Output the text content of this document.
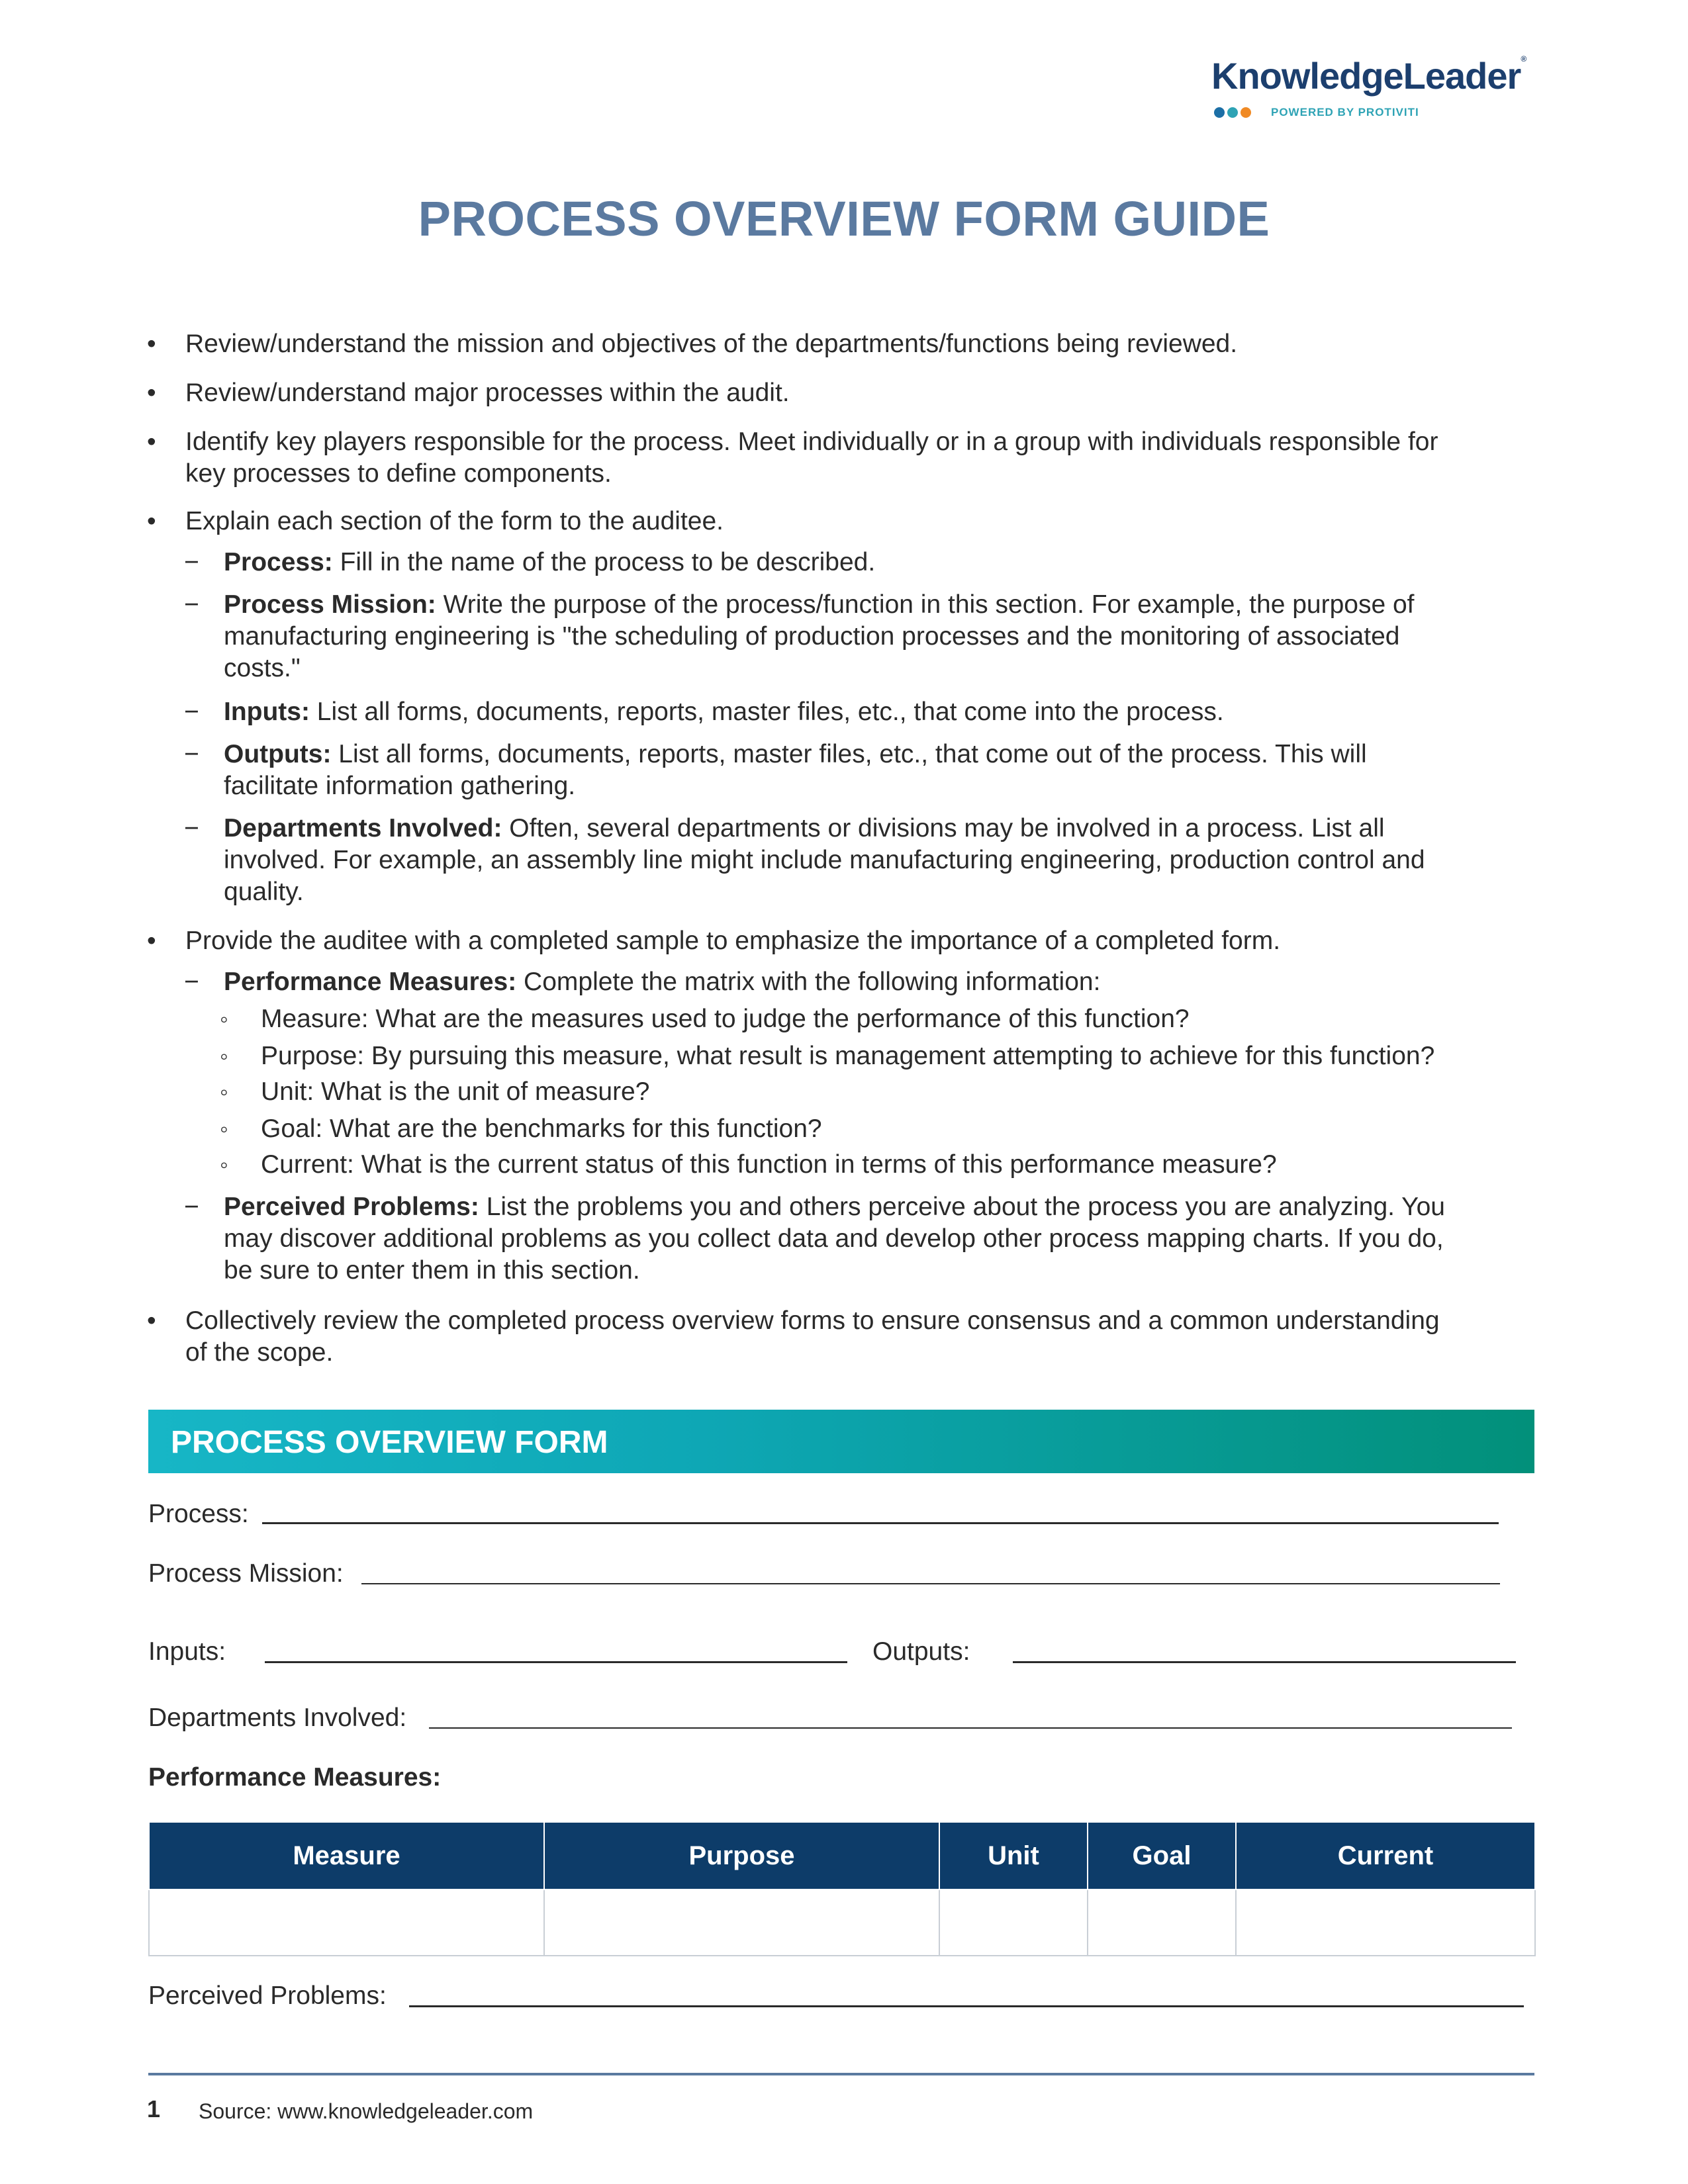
KnowledgeLeader®
POWERED BY PROTIVITI
PROCESS OVERVIEW FORM GUIDE
• Review/understand the mission and objectives of the departments/functions being reviewed.
• Review/understand major processes within the audit.
• Identify key players responsible for the process. Meet individually or in a group with individuals responsible for
key processes to define components.
• Explain each section of the form to the auditee.
− Process: Fill in the name of the process to be described.
− Process Mission: Write the purpose of the process/function in this section. For example, the purpose of
manufacturing engineering is "the scheduling of production processes and the monitoring of associated
costs."
− Inputs: List all forms, documents, reports, master files, etc., that come into the process.
− Outputs: List all forms, documents, reports, master files, etc., that come out of the process. This will
facilitate information gathering.
− Departments Involved: Often, several departments or divisions may be involved in a process. List all
involved. For example, an assembly line might include manufacturing engineering, production control and
quality.
• Provide the auditee with a completed sample to emphasize the importance of a completed form.
− Performance Measures: Complete the matrix with the following information:
◦ Measure: What are the measures used to judge the performance of this function?
◦ Purpose: By pursuing this measure, what result is management attempting to achieve for this function?
◦ Unit: What is the unit of measure?
◦ Goal: What are the benchmarks for this function?
◦ Current: What is the current status of this function in terms of this performance measure?
− Perceived Problems: List the problems you and others perceive about the process you are analyzing. You
may discover additional problems as you collect data and develop other process mapping charts. If you do,
be sure to enter them in this section.
• Collectively review the completed process overview forms to ensure consensus and a common understanding
of the scope.
PROCESS OVERVIEW FORM
Process:
Process Mission:
Inputs:	Outputs:
Departments Involved:
Performance Measures:
Measure	Purpose	Unit	Goal	Current

Perceived Problems:
1 Source: www.knowledgeleader.com
